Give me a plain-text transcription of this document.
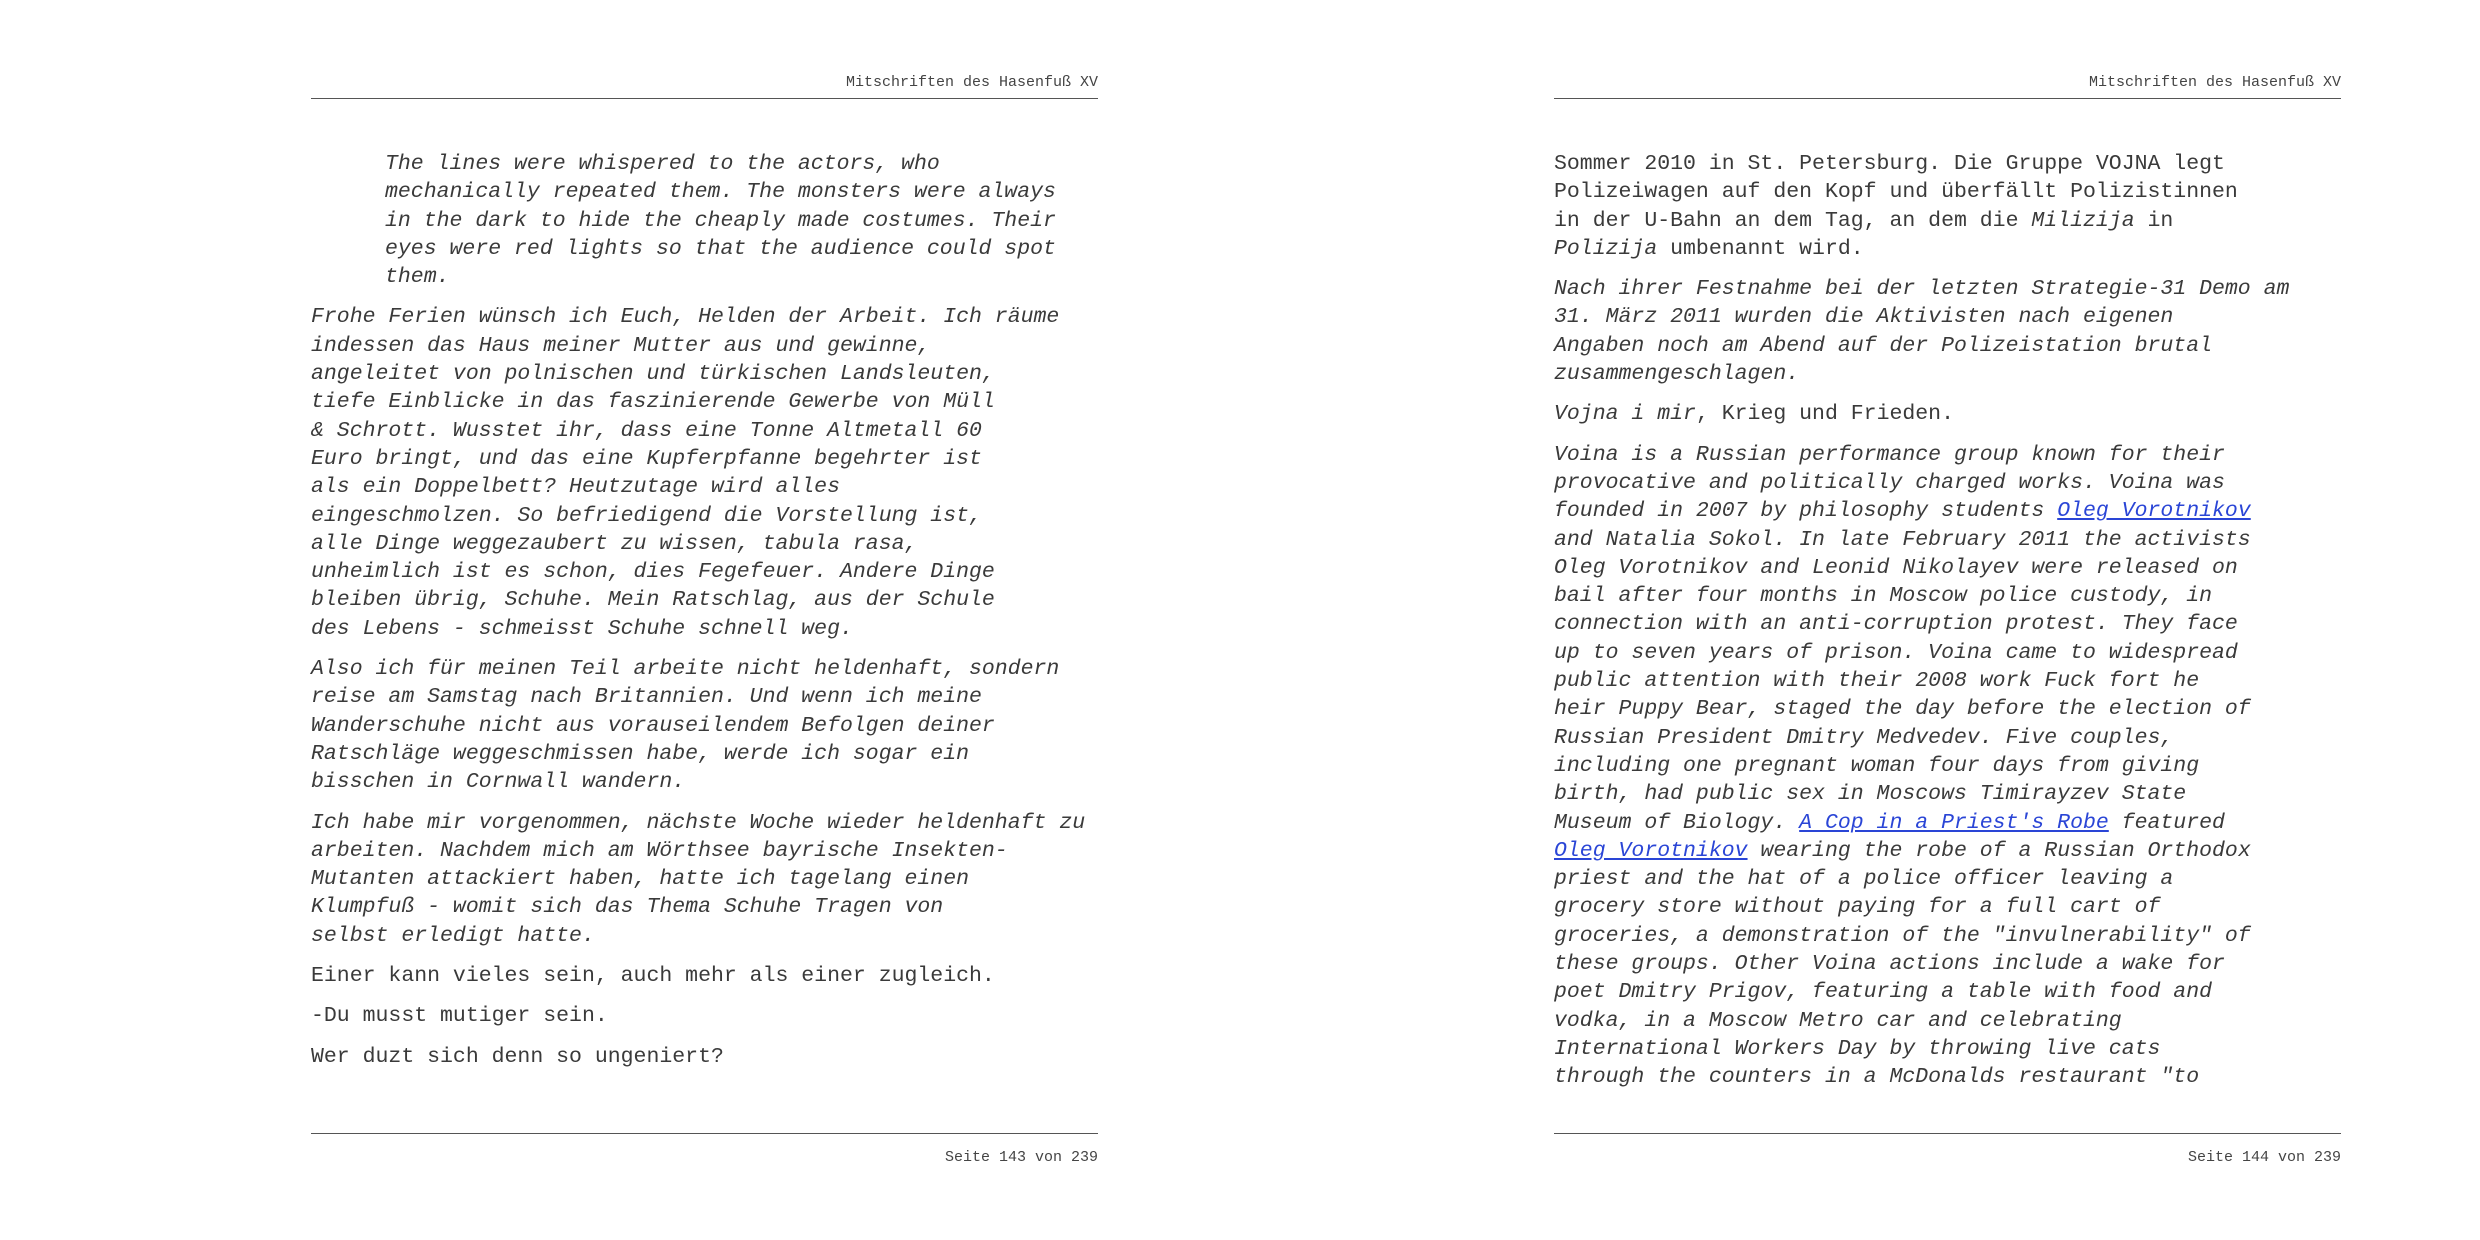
Mitschriften des Hasenfuß XV
The lines were whispered to the actors, who
mechanically repeated them. The monsters were always
in the dark to hide the cheaply made costumes. Their
eyes were red lights so that the audience could spot
them.
Frohe Ferien wünsch ich Euch, Helden der Arbeit. Ich räume
indessen das Haus meiner Mutter aus und gewinne,
angeleitet von polnischen und türkischen Landsleuten,
tiefe Einblicke in das faszinierende Gewerbe von Müll
& Schrott. Wusstet ihr, dass eine Tonne Altmetall 60
Euro bringt, und das eine Kupferpfanne begehrter ist
als ein Doppelbett? Heutzutage wird alles
eingeschmolzen. So befriedigend die Vorstellung ist,
alle Dinge weggezaubert zu wissen, tabula rasa,
unheimlich ist es schon, dies Fegefeuer. Andere Dinge
bleiben übrig, Schuhe. Mein Ratschlag, aus der Schule
des Lebens - schmeisst Schuhe schnell weg.
Also ich für meinen Teil arbeite nicht heldenhaft, sondern
reise am Samstag nach Britannien. Und wenn ich meine
Wanderschuhe nicht aus vorauseilendem Befolgen deiner
Ratschläge weggeschmissen habe, werde ich sogar ein
bisschen in Cornwall wandern.
Ich habe mir vorgenommen, nächste Woche wieder heldenhaft zu
arbeiten. Nachdem mich am Wörthsee bayrische Insekten-
Mutanten attackiert haben, hatte ich tagelang einen
Klumpfuß - womit sich das Thema Schuhe Tragen von
selbst erledigt hatte.
Einer kann vieles sein, auch mehr als einer zugleich.
-Du musst mutiger sein.
Wer duzt sich denn so ungeniert?
Seite 143 von 239
Mitschriften des Hasenfuß XV
Sommer 2010 in St. Petersburg. Die Gruppe VOJNA legt
Polizeiwagen auf den Kopf und überfällt Polizistinnen
in der U-Bahn an dem Tag, an dem die Milizija in
Polizija umbenannt wird.
Nach ihrer Festnahme bei der letzten Strategie-31 Demo am
31. März 2011 wurden die Aktivisten nach eigenen
Angaben noch am Abend auf der Polizeistation brutal
zusammengeschlagen.
Vojna i mir, Krieg und Frieden.
Voina is a Russian performance group known for their
provocative and politically charged works. Voina was
founded in 2007 by philosophy students Oleg Vorotnikov
and Natalia Sokol. In late February 2011 the activists
Oleg Vorotnikov and Leonid Nikolayev were released on
bail after four months in Moscow police custody, in
connection with an anti-corruption protest. They face
up to seven years of prison. Voina came to widespread
public attention with their 2008 work Fuck fort he
heir Puppy Bear, staged the day before the election of
Russian President Dmitry Medvedev. Five couples,
including one pregnant woman four days from giving
birth, had public sex in Moscows Timirayzev State
Museum of Biology. A Cop in a Priest's Robe featured
Oleg Vorotnikov wearing the robe of a Russian Orthodox
priest and the hat of a police officer leaving a
grocery store without paying for a full cart of
groceries, a demonstration of the "invulnerability" of
these groups. Other Voina actions include a wake for
poet Dmitry Prigov, featuring a table with food and
vodka, in a Moscow Metro car and celebrating
International Workers Day by throwing live cats
through the counters in a McDonalds restaurant "to
Seite 144 von 239
